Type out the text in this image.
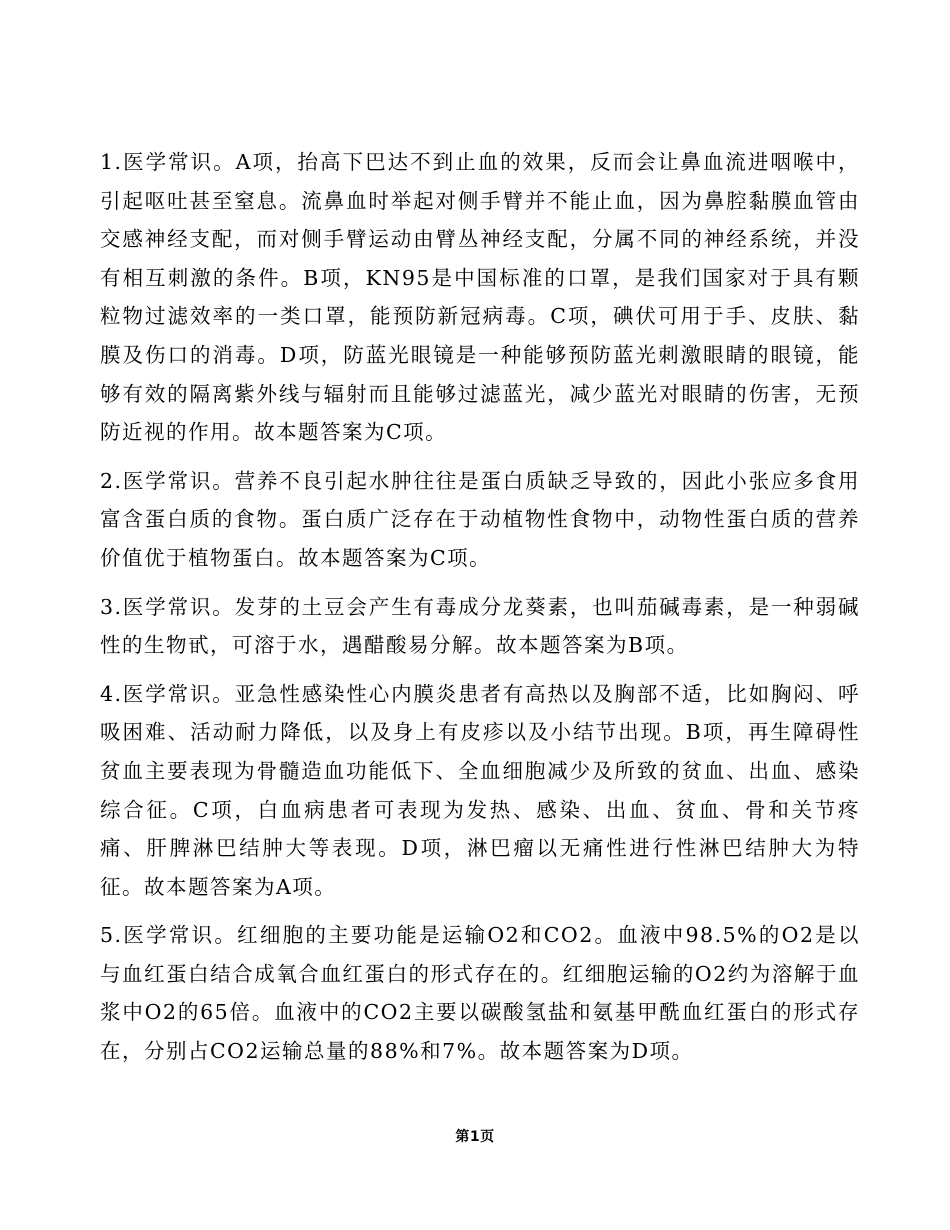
1.医学常识。A项，抬高下巴达不到止血的效果，反而会让鼻血流进咽喉中，引起呕吐甚至窒息。流鼻血时举起对侧手臂并不能止血，因为鼻腔黏膜血管由交感神经支配，而对侧手臂运动由臂丛神经支配，分属不同的神经系统，并没有相互刺激的条件。B项，KN95是中国标准的口罩，是我们国家对于具有颗粒物过滤效率的一类口罩，能预防新冠病毒。C项，碘伏可用于手、皮肤、黏膜及伤口的消毒。D项，防蓝光眼镜是一种能够预防蓝光刺激眼睛的眼镜，能够有效的隔离紫外线与辐射而且能够过滤蓝光，减少蓝光对眼睛的伤害，无预防近视的作用。故本题答案为C项。

2.医学常识。营养不良引起水肿往往是蛋白质缺乏导致的，因此小张应多食用富含蛋白质的食物。蛋白质广泛存在于动植物性食物中，动物性蛋白质的营养价值优于植物蛋白。故本题答案为C项。

3.医学常识。发芽的土豆会产生有毒成分龙葵素，也叫茄碱毒素，是一种弱碱性的生物甙，可溶于水，遇醋酸易分解。故本题答案为B项。

4.医学常识。亚急性感染性心内膜炎患者有高热以及胸部不适，比如胸闷、呼吸困难、活动耐力降低，以及身上有皮疹以及小结节出现。B项，再生障碍性贫血主要表现为骨髓造血功能低下、全血细胞减少及所致的贫血、出血、感染综合征。C项，白血病患者可表现为发热、感染、出血、贫血、骨和关节疼痛、肝脾淋巴结肿大等表现。D项，淋巴瘤以无痛性进行性淋巴结肿大为特征。故本题答案为A项。

5.医学常识。红细胞的主要功能是运输O2和CO2。血液中98.5%的O2是以与血红蛋白结合成氧合血红蛋白的形式存在的。红细胞运输的O2约为溶解于血浆中O2的65倍。血液中的CO2主要以碳酸氢盐和氨基甲酰血红蛋白的形式存在，分别占CO2运输总量的88%和7%。故本题答案为D项。

第1页
